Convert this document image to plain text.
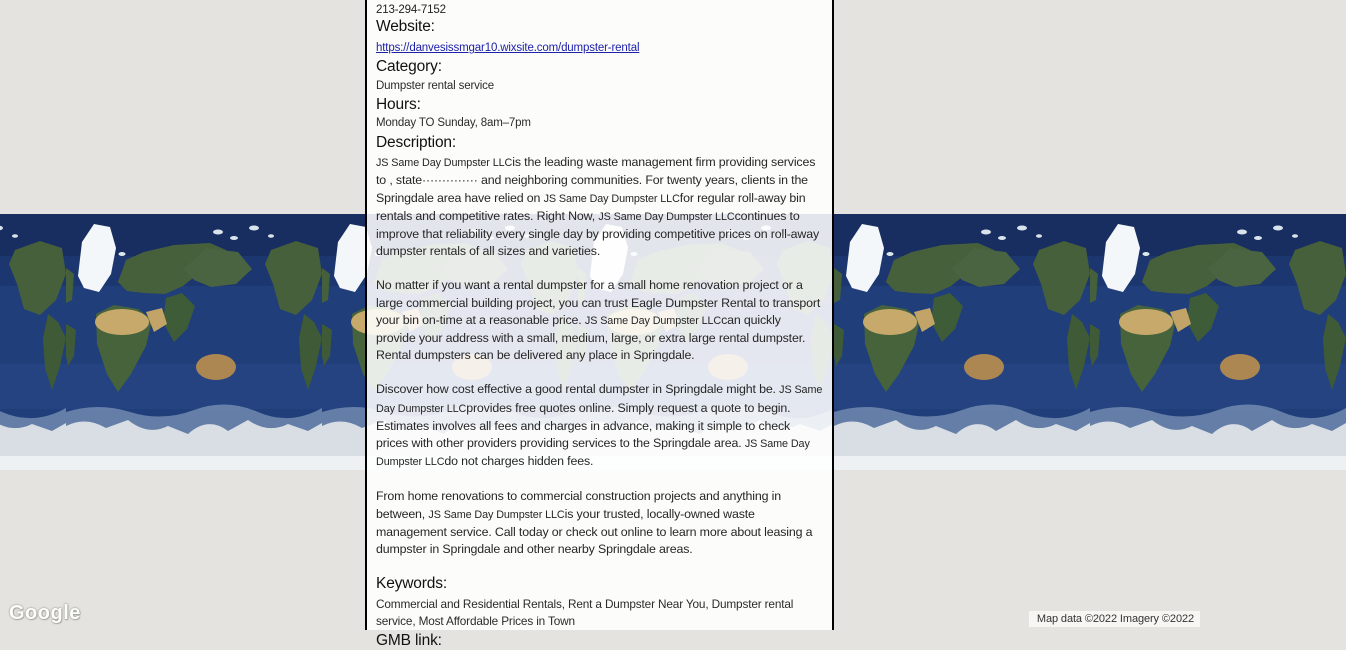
213-294-7152
Website:
https://danvesissmgar10.wixsite.com/dumpster-rental
Category:
Dumpster rental service
Hours:
Monday TO Sunday, 8am–7pm
Description:

JS Same Day Dumpster LLCis the leading waste management firm providing services to , state·············· and neighboring communities. For twenty years, clients in the Springdale area have relied on JS Same Day Dumpster LLCfor regular roll-away bin rentals and competitive rates. Right Now, JS Same Day Dumpster LLCcontinues to improve that reliability every single day by providing competitive prices on roll-away dumpster rentals of all sizes and varieties.

No matter if you want a rental dumpster for a small home renovation project or a large commercial building project, you can trust Eagle Dumpster Rental to transport your bin on-time at a reasonable price. JS Same Day Dumpster LLCcan quickly provide your address with a small, medium, large, or extra large rental dumpster. Rental dumpsters can be delivered any place in Springdale.

Discover how cost effective a good rental dumpster in Springdale might be. JS Same Day Dumpster LLCprovides free quotes online. Simply request a quote to begin. Estimates involves all fees and charges in advance, making it simple to check prices with other providers providing services to the Springdale area. JS Same Day Dumpster LLCdo not charges hidden fees.

From home renovations to commercial construction projects and anything in between, JS Same Day Dumpster LLCis your trusted, locally-owned waste management service. Call today or check out online to learn more about leasing a dumpster in Springdale and other nearby Springdale areas.

Keywords:
Commercial and Residential Rentals, Rent a Dumpster Near You, Dumpster rental service, Most Affordable Prices in Town
GMB link:
Google	Map data ©2022 Imagery ©2022
